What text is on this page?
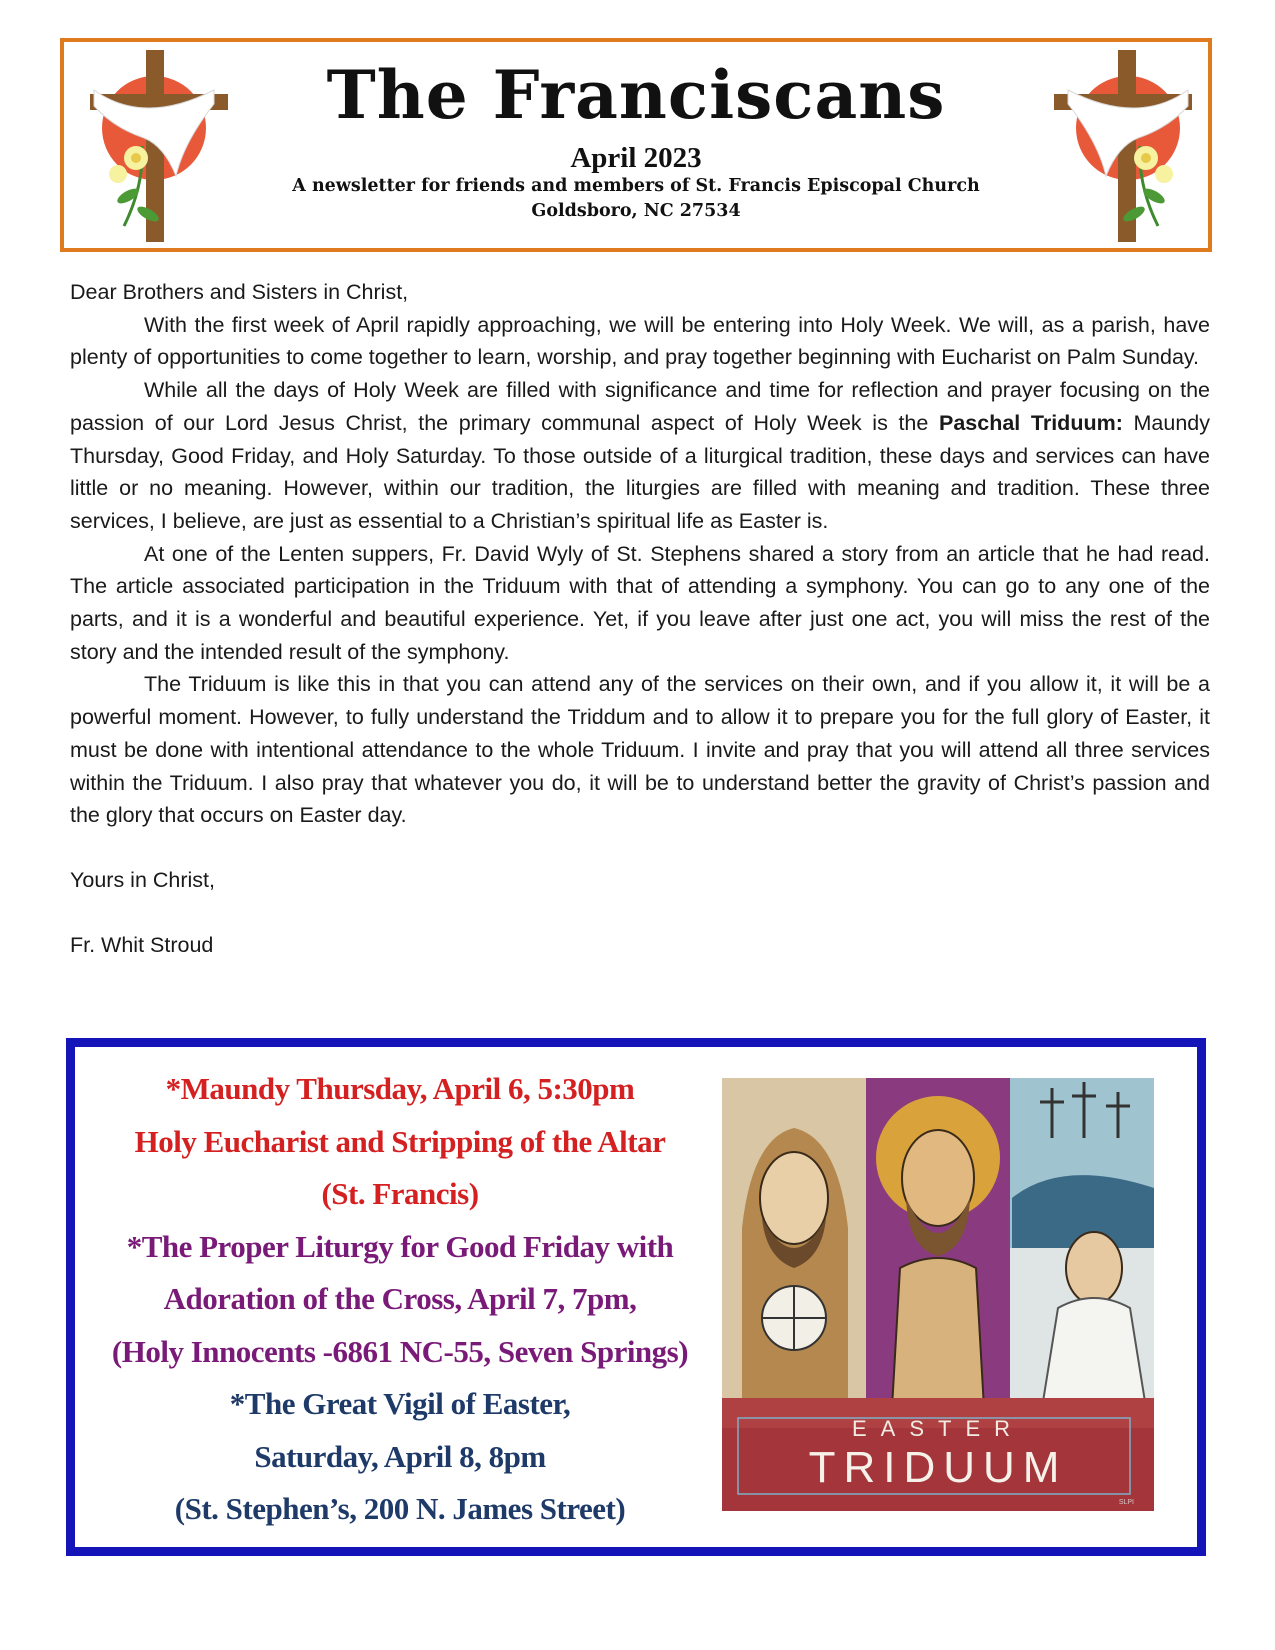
The Franciscans
April 2023
A newsletter for friends and members of St. Francis Episcopal Church
Goldsboro, NC 27534

Dear Brothers and Sisters in Christ,

With the first week of April rapidly approaching, we will be entering into Holy Week. We will, as a parish, have plenty of opportunities to come together to learn, worship, and pray together beginning with Eucharist on Palm Sunday.

While all the days of Holy Week are filled with significance and time for reflection and prayer focusing on the passion of our Lord Jesus Christ, the primary communal aspect of Holy Week is the Paschal Triduum: Maundy Thursday, Good Friday, and Holy Saturday. To those outside of a liturgical tradition, these days and services can have little or no meaning. However, within our tradition, the liturgies are filled with meaning and tradition. These three services, I believe, are just as essential to a Christian’s spiritual life as Easter is.

At one of the Lenten suppers, Fr. David Wyly of St. Stephens shared a story from an article that he had read. The article associated participation in the Triduum with that of attending a symphony. You can go to any one of the parts, and it is a wonderful and beautiful experience. Yet, if you leave after just one act, you will miss the rest of the story and the intended result of the symphony.

The Triduum is like this in that you can attend any of the services on their own, and if you allow it, it will be a powerful moment. However, to fully understand the Triddum and to allow it to prepare you for the full glory of Easter, it must be done with intentional attendance to the whole Triduum. I invite and pray that you will attend all three services within the Triduum. I also pray that whatever you do, it will be to understand better the gravity of Christ’s passion and the glory that occurs on Easter day.

Yours in Christ,

Fr. Whit Stroud

*Maundy Thursday, April 6, 5:30pm
Holy Eucharist and Stripping of the Altar
(St. Francis)
*The Proper Liturgy for Good Friday with
Adoration of the Cross, April 7, 7pm,
(Holy Innocents -6861 NC-55, Seven Springs)
*The Great Vigil of Easter,
Saturday, April 8, 8pm
(St. Stephen’s, 200 N. James Street)
EASTER
TRIDUUM
SLPI
